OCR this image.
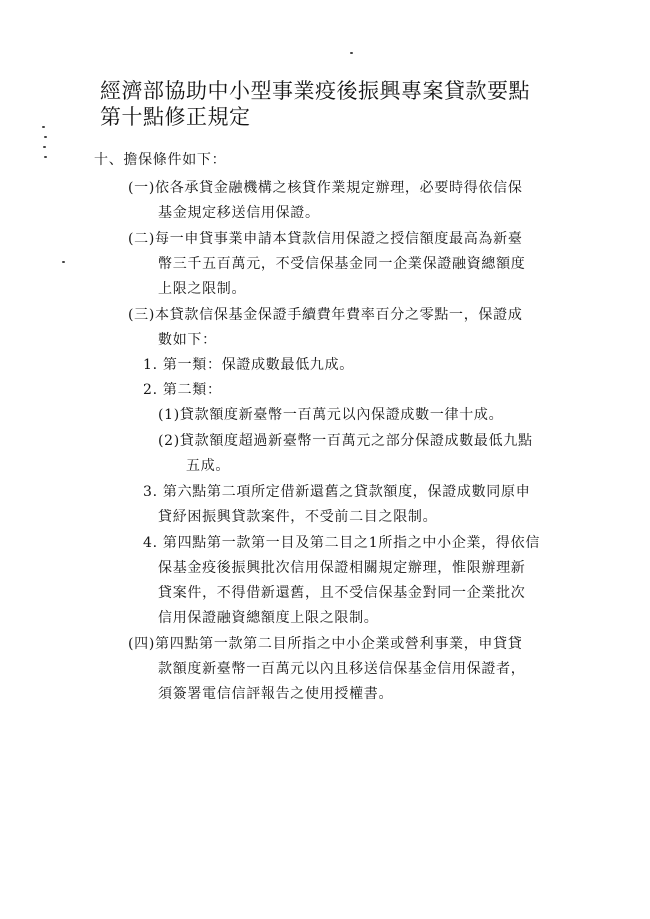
經濟部協助中小型事業疫後振興專案貸款要點
第十點修正規定
十、擔保條件如下：
(一)依各承貸金融機構之核貸作業規定辦理，必要時得依信保
基金規定移送信用保證。
(二)每一申貸事業申請本貸款信用保證之授信額度最高為新臺
幣三千五百萬元，不受信保基金同一企業保證融資總額度
上限之限制。
(三)本貸款信保基金保證手續費年費率百分之零點一，保證成
數如下：
1. 第一類：保證成數最低九成。
2. 第二類：
(1)貸款額度新臺幣一百萬元以內保證成數一律十成。
(2)貸款額度超過新臺幣一百萬元之部分保證成數最低九點
五成。
3. 第六點第二項所定借新還舊之貸款額度，保證成數同原申
貸紓困振興貸款案件，不受前二目之限制。
4. 第四點第一款第一目及第二目之1所指之中小企業，得依信
保基金疫後振興批次信用保證相關規定辦理，惟限辦理新
貸案件，不得借新還舊，且不受信保基金對同一企業批次
信用保證融資總額度上限之限制。
(四)第四點第一款第二目所指之中小企業或營利事業，申貸貸
款額度新臺幣一百萬元以內且移送信保基金信用保證者，
須簽署電信信評報告之使用授權書。
